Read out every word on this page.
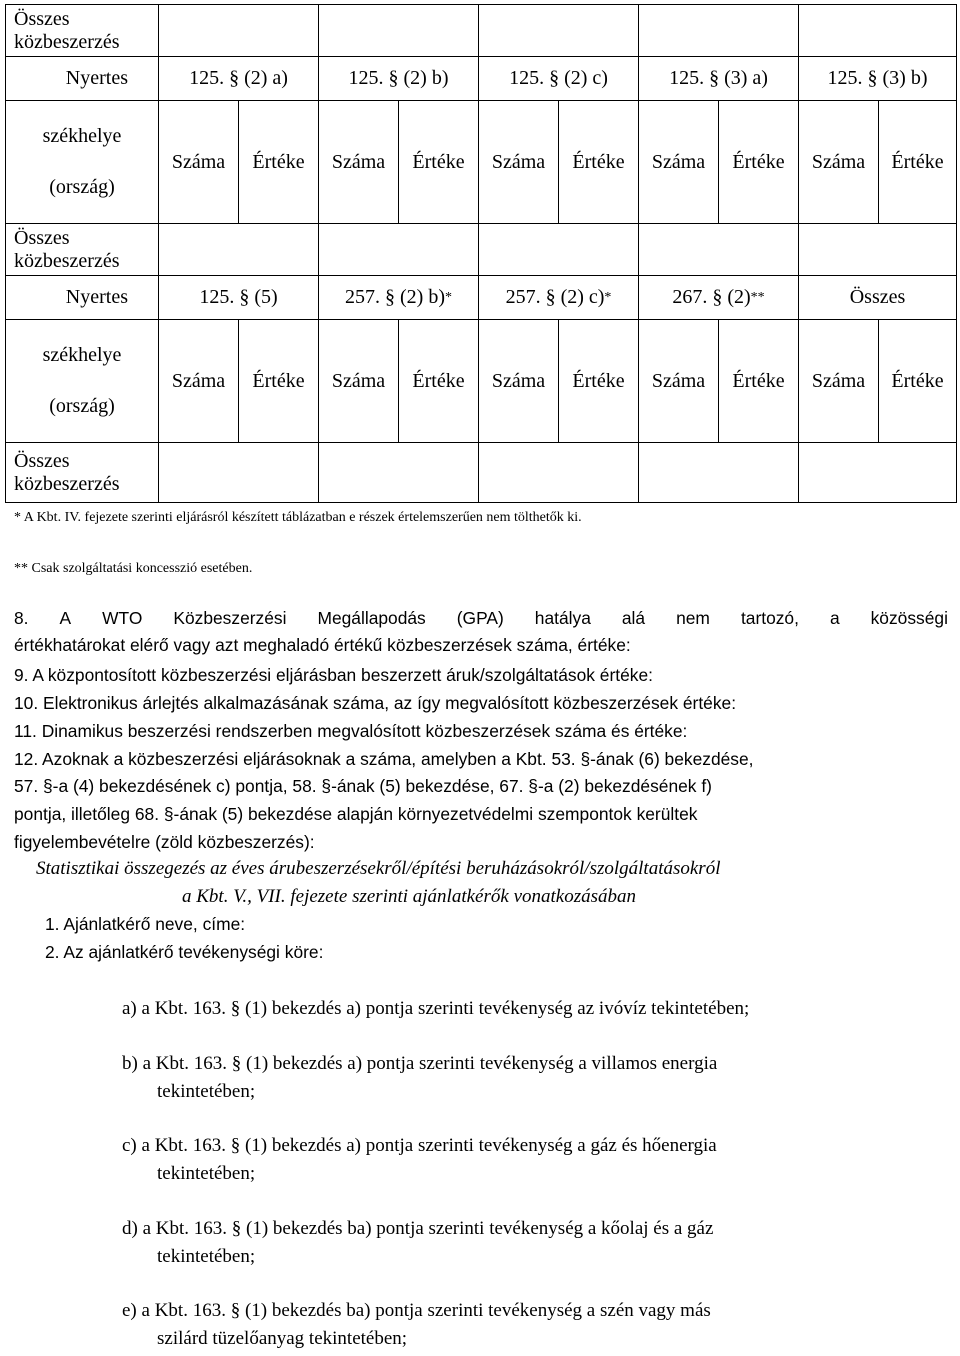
Összes közbeszerzés										
Nyertes	125. § (2) a)		125. § (2) b)		125. § (2) c)		125. § (3) a)		125. § (3) b)	

székhelye
(ország)	Száma	Értéke	Száma	Értéke	Száma	Értéke	Száma	Értéke	Száma	Értéke
Összes közbeszerzés										
Nyertes	125. § (5)		257. § (2) b)*		257. § (2) c)*		267. § (2)**		Összes	

székhelye
(ország)	Száma	Értéke	Száma	Értéke	Száma	Értéke	Száma	Értéke	Száma	Értéke
Összes közbeszerzés										
* A Kbt. IV. fejezete szerinti eljárásról készített táblázatban e részek értelemszerűen nem tölthetők ki.
** Csak szolgáltatási koncesszió esetében.
8. A WTO Közbeszerzési Megállapodás (GPA) hatálya alá nem tartozó, a közösségi
értékhatárokat elérő vagy azt meghaladó értékű közbeszerzések száma, értéke:
9. A központosított közbeszerzési eljárásban beszerzett áruk/szolgáltatások értéke:
10. Elektronikus árlejtés alkalmazásának száma, az így megvalósított közbeszerzések értéke:
11. Dinamikus beszerzési rendszerben megvalósított közbeszerzések száma és értéke:
12. Azoknak a közbeszerzési eljárásoknak a száma, amelyben a Kbt. 53. §-ának (6) bekezdése,
57. §-a (4) bekezdésének c) pontja, 58. §-ának (5) bekezdése, 67. §-a (2) bekezdésének f)
pontja, illetőleg 68. §-ának (5) bekezdése alapján környezetvédelmi szempontok kerültek
figyelembevételre (zöld közbeszerzés):
Statisztikai összegezés az éves árubeszerzésekről/építési beruházásokról/szolgáltatásokról
a Kbt. V., VII. fejezete szerinti ajánlatkérők vonatkozásában
1. Ajánlatkérő neve, címe:
2. Az ajánlatkérő tevékenységi köre:
a) a Kbt. 163. § (1) bekezdés a) pontja szerinti tevékenység az ivóvíz tekintetében;
b) a Kbt. 163. § (1) bekezdés a) pontja szerinti tevékenység a villamos energia
tekintetében;
c) a Kbt. 163. § (1) bekezdés a) pontja szerinti tevékenység a gáz és hőenergia
tekintetében;
d) a Kbt. 163. § (1) bekezdés ba) pontja szerinti tevékenység a kőolaj és a gáz
tekintetében;
e) a Kbt. 163. § (1) bekezdés ba) pontja szerinti tevékenység a szén vagy más
szilárd tüzelőanyag tekintetében;
